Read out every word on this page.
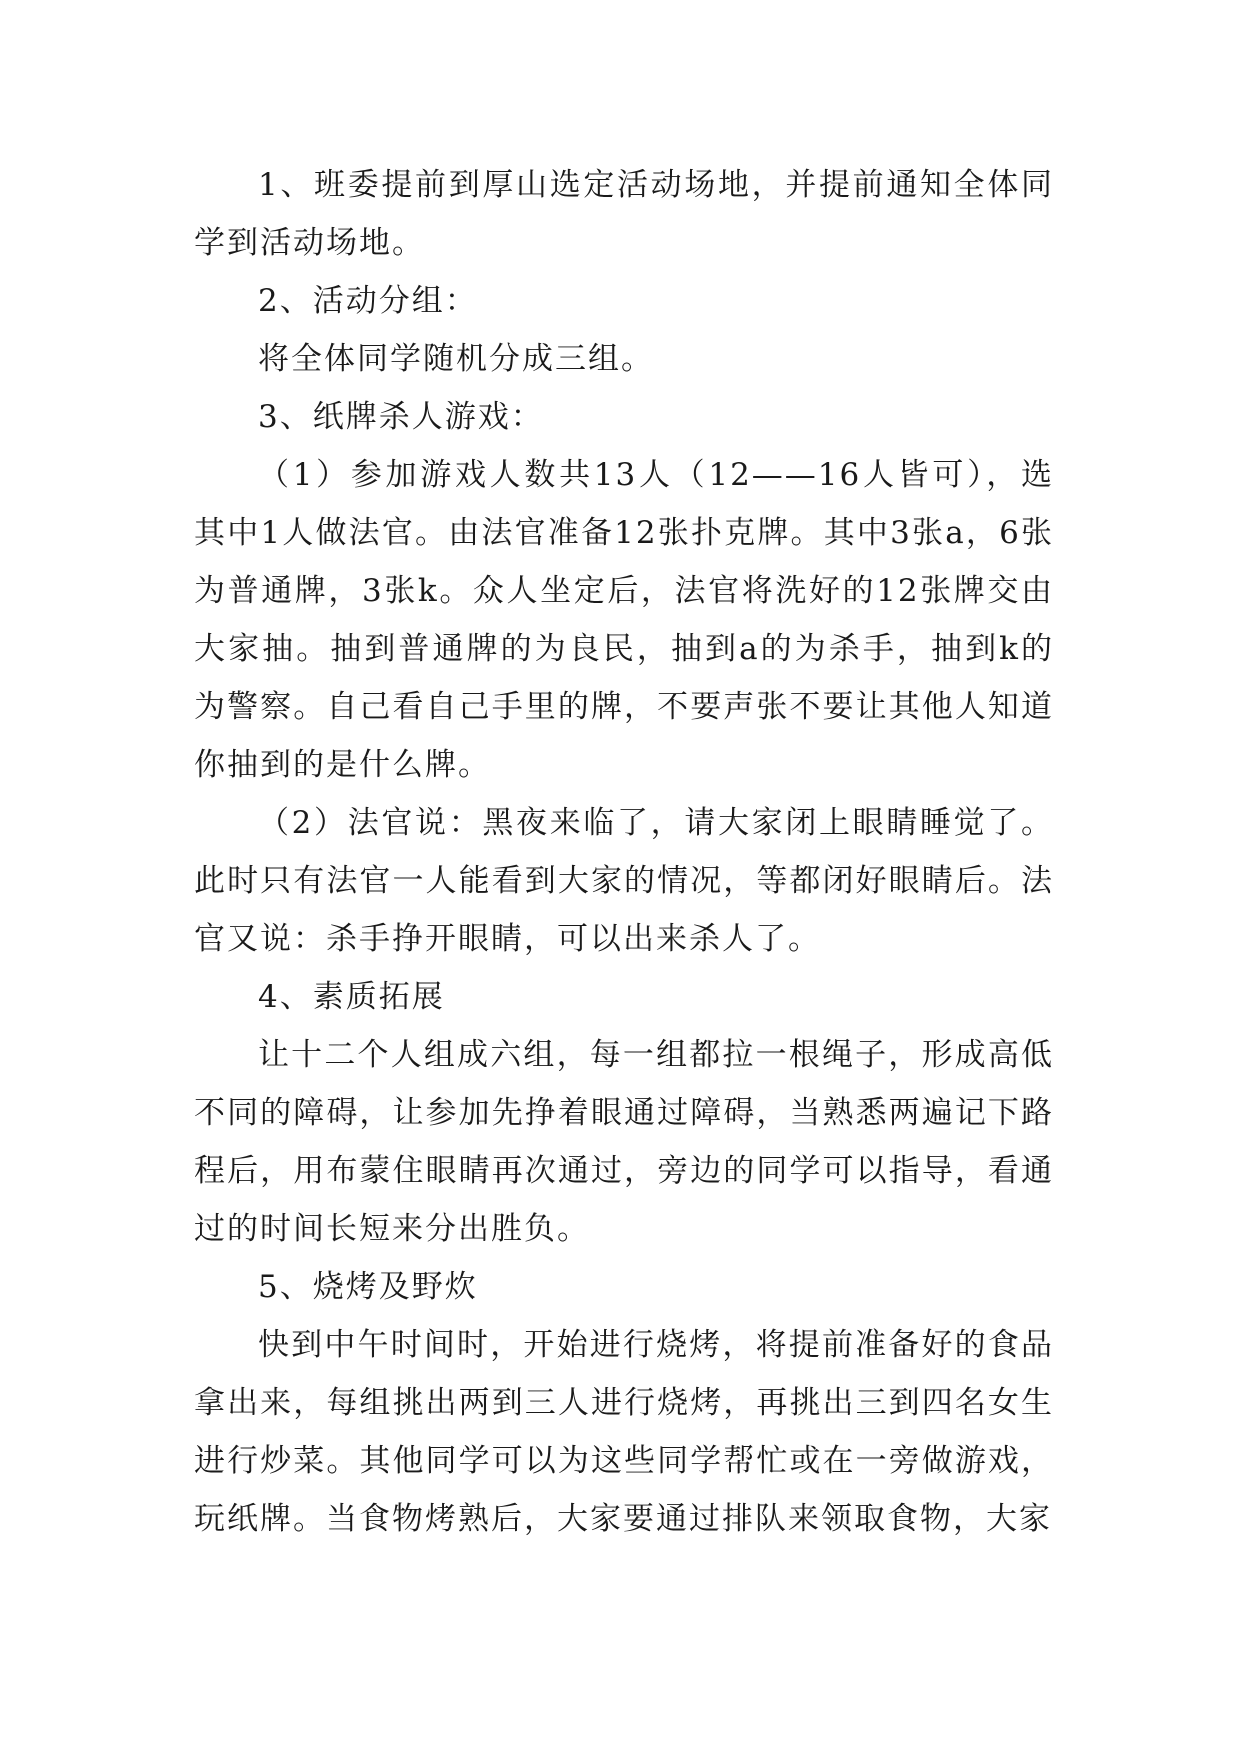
1、班委提前到厚山选定活动场地，并提前通知全体同学到活动场地。

2、活动分组：

将全体同学随机分成三组。

3、纸牌杀人游戏：

（1）参加游戏人数共13人（12——16人皆可），选其中1人做法官。由法官准备12张扑克牌。其中3张a，6张为普通牌，3张k。众人坐定后，法官将洗好的12张牌交由大家抽。抽到普通牌的为良民，抽到a的为杀手，抽到k的为警察。自己看自己手里的牌，不要声张不要让其他人知道你抽到的是什么牌。

（2）法官说：黑夜来临了，请大家闭上眼睛睡觉了。此时只有法官一人能看到大家的情况，等都闭好眼睛后。法官又说：杀手挣开眼睛，可以出来杀人了。

4、素质拓展

让十二个人组成六组，每一组都拉一根绳子，形成高低不同的障碍，让参加先挣着眼通过障碍，当熟悉两遍记下路程后，用布蒙住眼睛再次通过，旁边的同学可以指导，看通过的时间长短来分出胜负。

5、烧烤及野炊

快到中午时间时，开始进行烧烤，将提前准备好的食品拿出来，每组挑出两到三人进行烧烤，再挑出三到四名女生进行炒菜。其他同学可以为这些同学帮忙或在一旁做游戏，玩纸牌。当食物烤熟后，大家要通过排队来领取食物，大家
